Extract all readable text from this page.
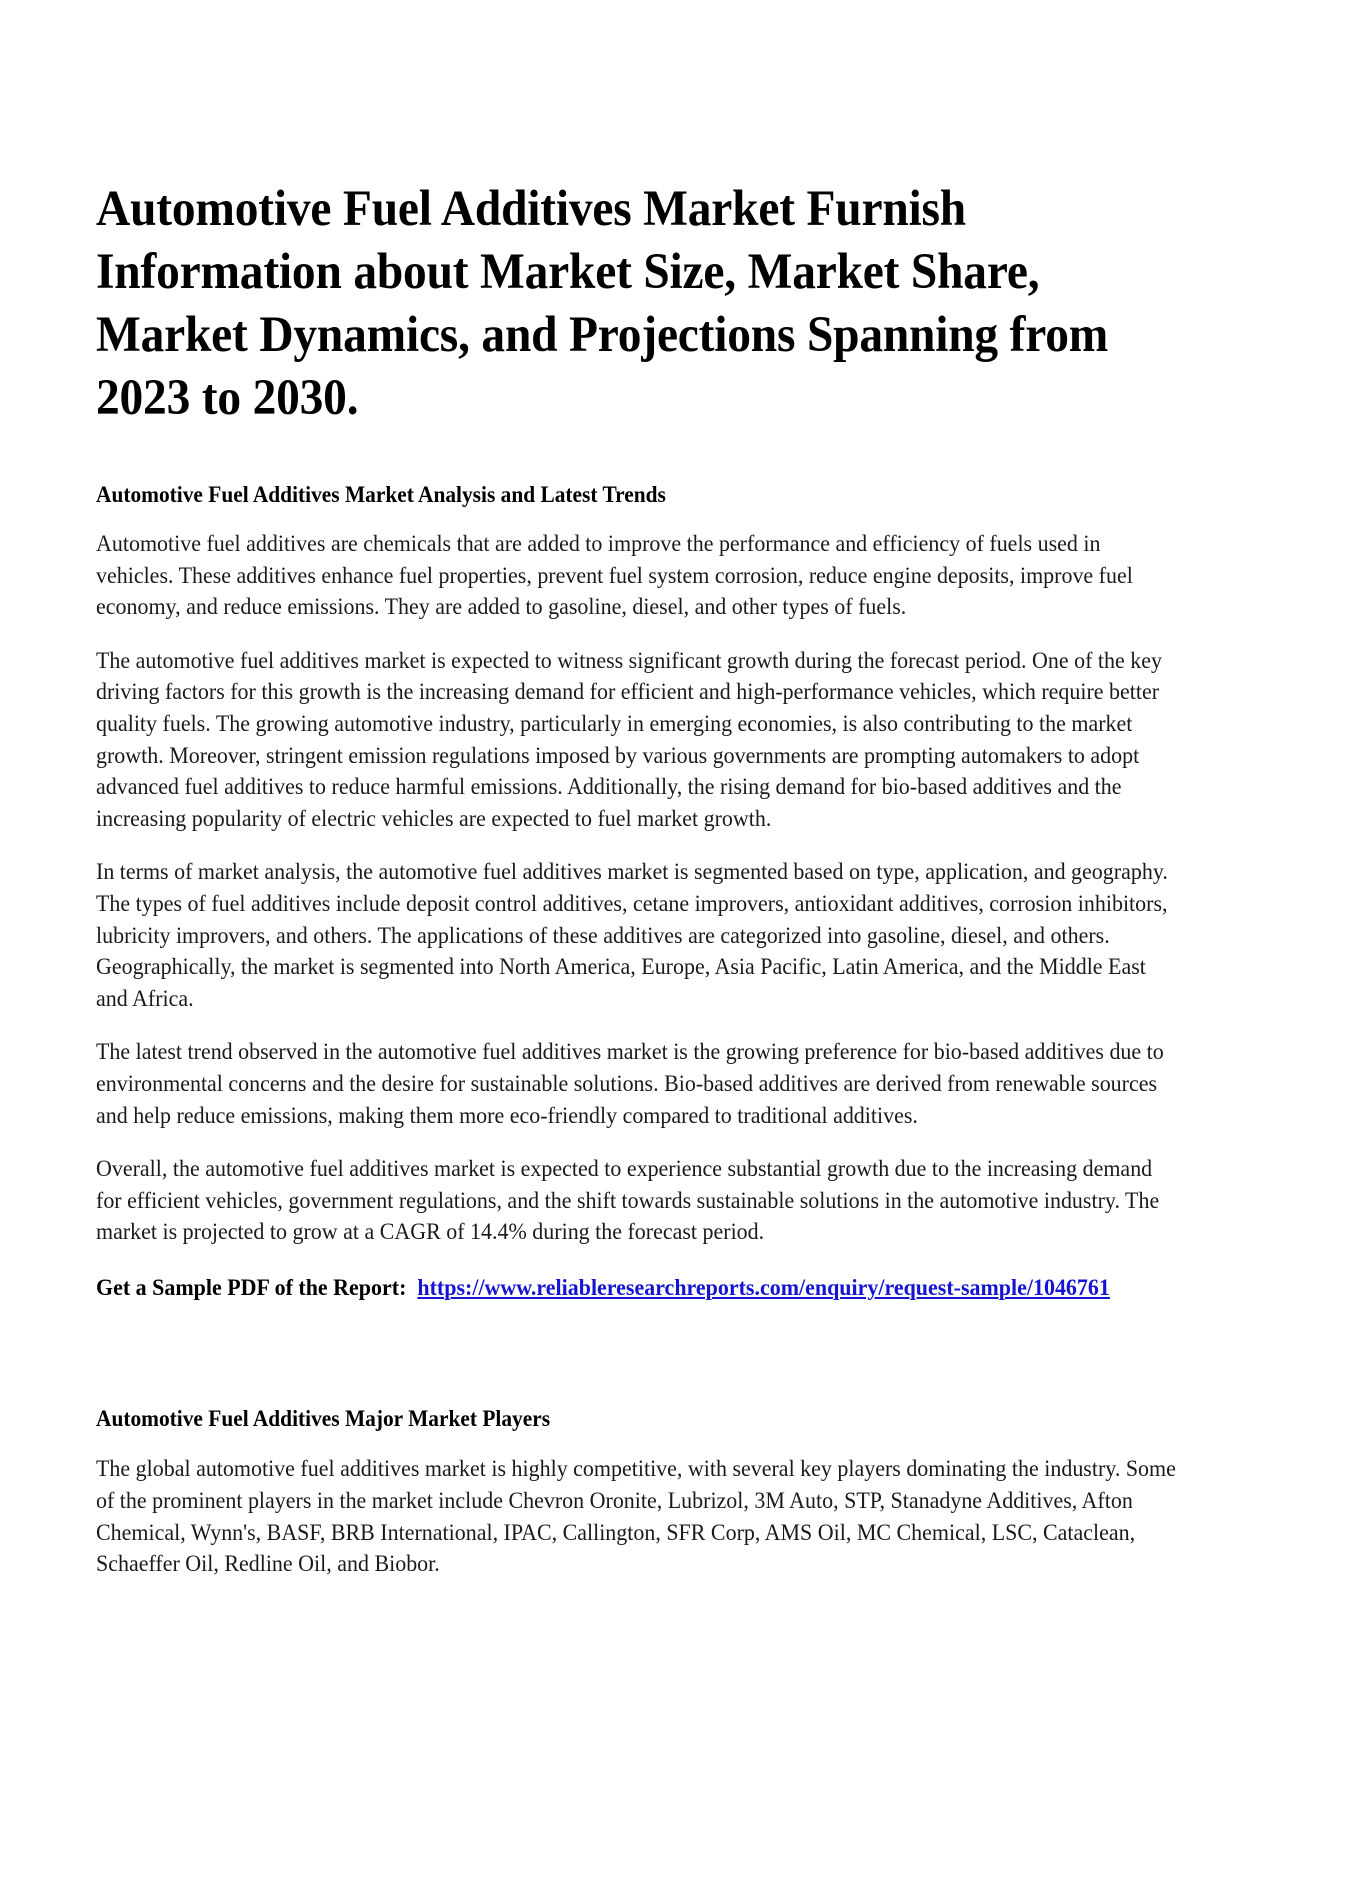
Automotive Fuel Additives Market Furnish Information about Market Size, Market Share, Market Dynamics, and Projections Spanning from 2023 to 2030.
Automotive Fuel Additives Market Analysis and Latest Trends

Automotive fuel additives are chemicals that are added to improve the performance and efficiency of fuels used in vehicles. These additives enhance fuel properties, prevent fuel system corrosion, reduce engine deposits, improve fuel economy, and reduce emissions. They are added to gasoline, diesel, and other types of fuels.

The automotive fuel additives market is expected to witness significant growth during the forecast period. One of the key driving factors for this growth is the increasing demand for efficient and high-performance vehicles, which require better quality fuels. The growing automotive industry, particularly in emerging economies, is also contributing to the market growth. Moreover, stringent emission regulations imposed by various governments are prompting automakers to adopt advanced fuel additives to reduce harmful emissions. Additionally, the rising demand for bio-based additives and the increasing popularity of electric vehicles are expected to fuel market growth.

In terms of market analysis, the automotive fuel additives market is segmented based on type, application, and geography. The types of fuel additives include deposit control additives, cetane improvers, antioxidant additives, corrosion inhibitors, lubricity improvers, and others. The applications of these additives are categorized into gasoline, diesel, and others. Geographically, the market is segmented into North America, Europe, Asia Pacific, Latin America, and the Middle East and Africa.

The latest trend observed in the automotive fuel additives market is the growing preference for bio-based additives due to environmental concerns and the desire for sustainable solutions. Bio-based additives are derived from renewable sources and help reduce emissions, making them more eco-friendly compared to traditional additives.

Overall, the automotive fuel additives market is expected to experience substantial growth due to the increasing demand for efficient vehicles, government regulations, and the shift towards sustainable solutions in the automotive industry. The market is projected to grow at a CAGR of 14.4% during the forecast period.

Get a Sample PDF of the Report: https://www.reliableresearchreports.com/enquiry/request-sample/1046761

Automotive Fuel Additives Major Market Players

The global automotive fuel additives market is highly competitive, with several key players dominating the industry. Some of the prominent players in the market include Chevron Oronite, Lubrizol, 3M Auto, STP, Stanadyne Additives, Afton Chemical, Wynn's, BASF, BRB International, IPAC, Callington, SFR Corp, AMS Oil, MC Chemical, LSC, Cataclean, Schaeffer Oil, Redline Oil, and Biobor.
